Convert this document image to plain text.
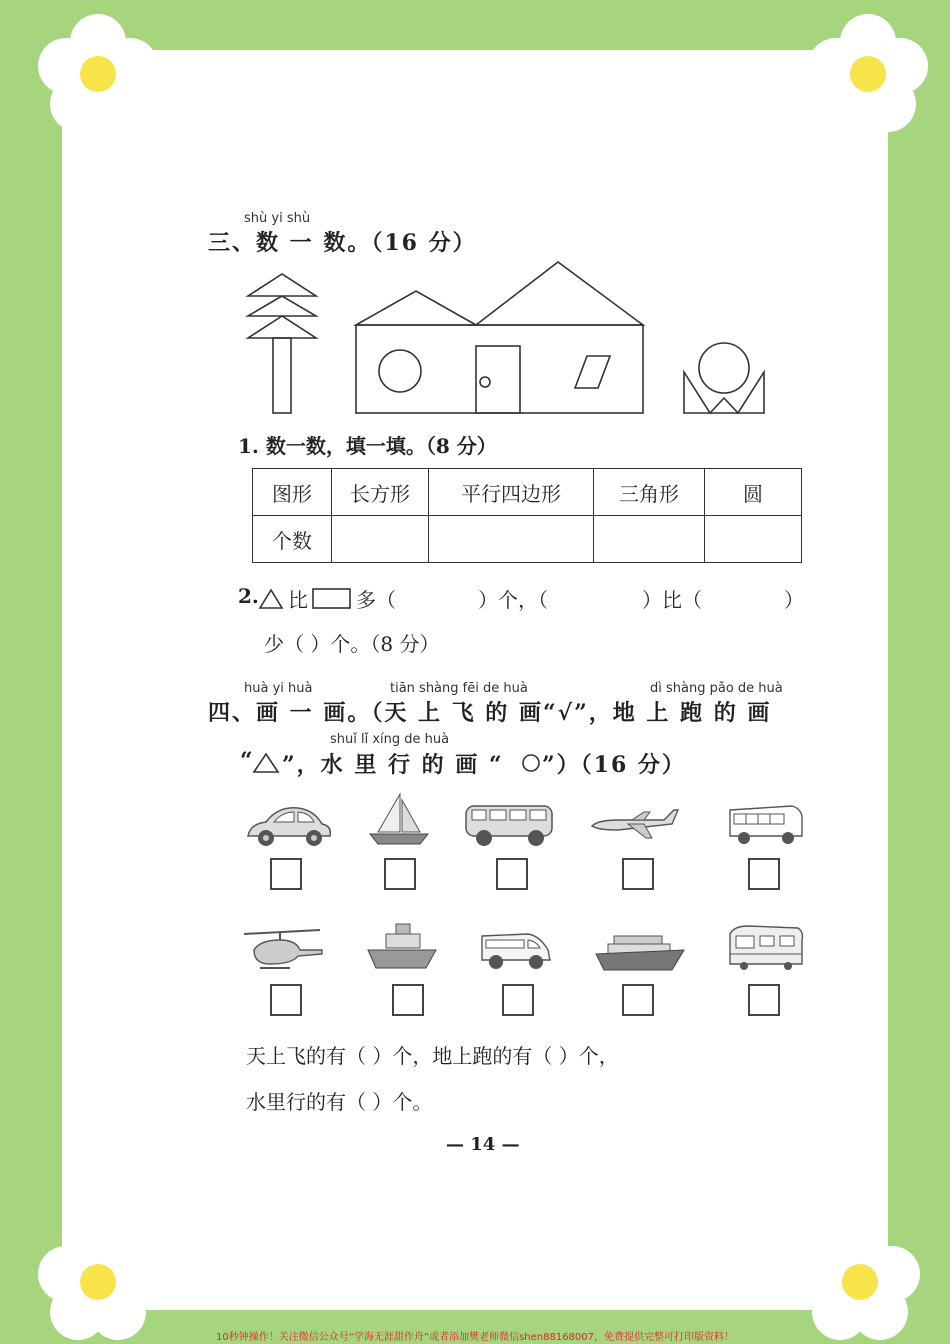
shù yi shù
三、数 一 数。（16 分）
1. 数一数，填一填。（8 分）
图形	长方形	平行四边形	三角形	圆
个数				
2. 比 多（	）个，（	）比（	）
少（ ）个。（8 分）
huà yi huà	tiān shàng fēi de huà	dì shàng pǎo de huà
四、画 一 画。（天 上 飞 的 画“√”，地 上 跑 的 画
shuǐ lǐ xíng de huà
“ ”，水 里 行 的 画 “ ”）（16 分）
天上飞的有（ ）个，地上跑的有（ ）个，
水里行的有（ ）个。
— 14 —
10秒钟操作！关注微信公众号“学海无涯甜作舟”或者添加樊老师微信shen88168007，免费提供完整可打印版资料！
